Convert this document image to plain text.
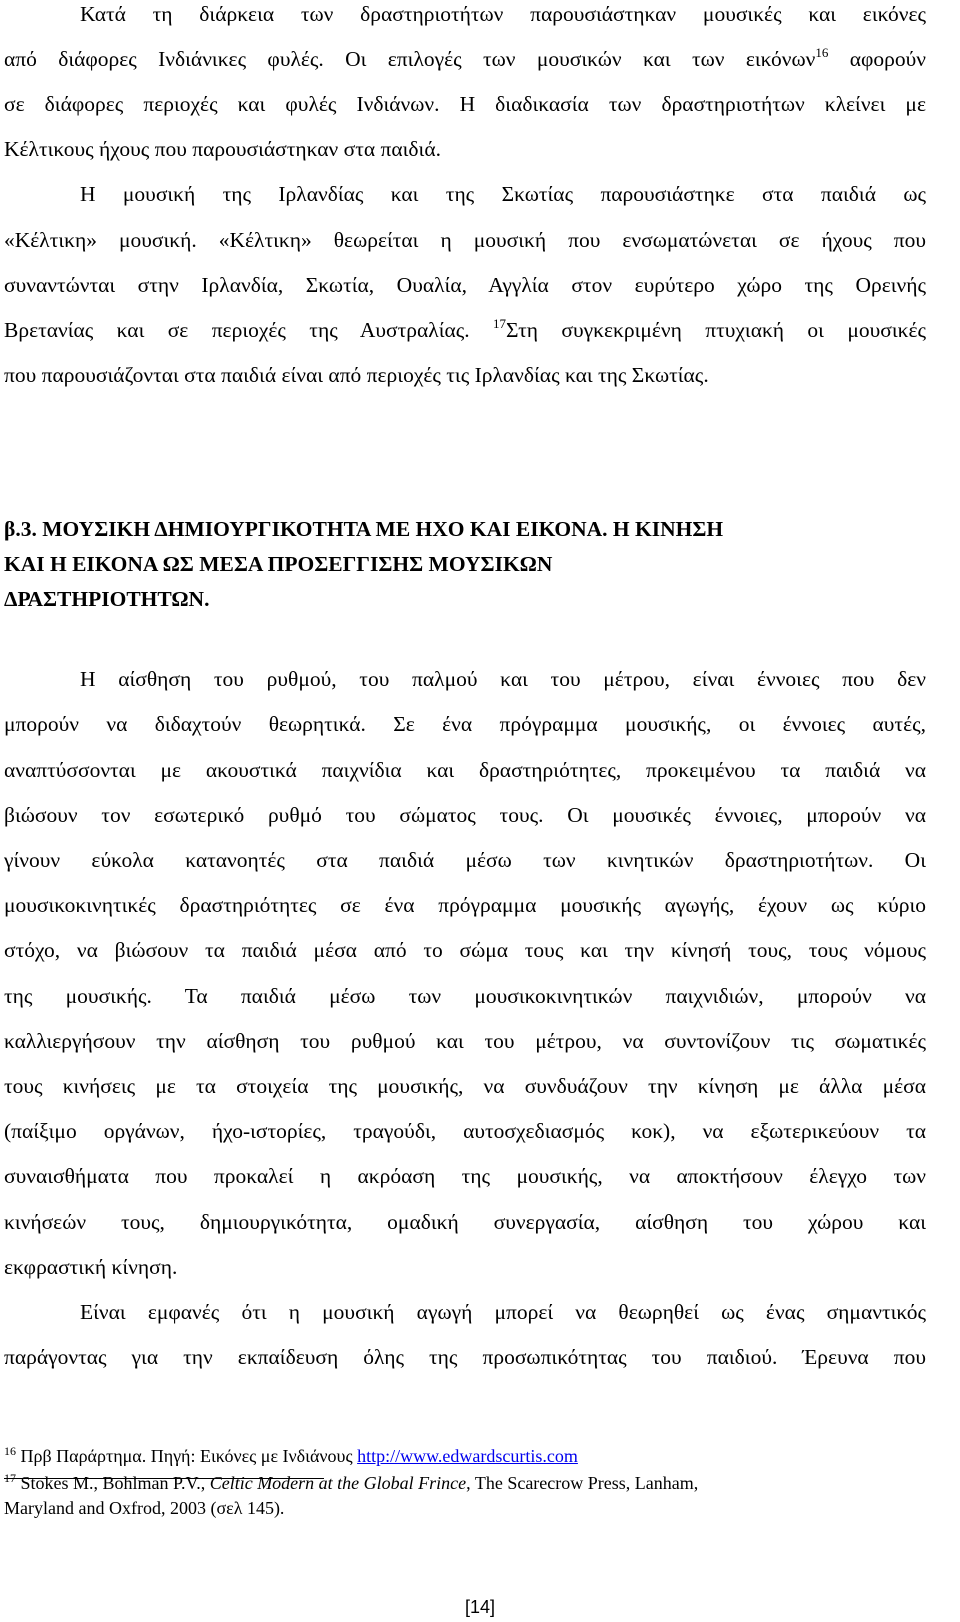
Κατά τη διάρκεια των δραστηριοτήτων παρουσιάστηκαν μουσικές και εικόνες
από διάφορες Ινδιάνικες φυλές. Οι επιλογές των μουσικών και των εικόνων$^{16}$ αφορούν
σε διάφορες περιοχές και φυλές Ινδιάνων. Η διαδικασία των δραστηριοτήτων κλείνει με
Κέλτικους ήχους που παρουσιάστηκαν στα παιδιά.
Η μουσική της Ιρλανδίας και της Σκωτίας παρουσιάστηκε στα παιδιά ως
«Κέλτικη» μουσική. «Κέλτικη» θεωρείται η μουσική που ενσωματώνεται σε ήχους που
συναντώνται στην Ιρλανδία, Σκωτία, Ουαλία, Αγγλία στον ευρύτερο χώρο της Ορεινής
Βρετανίας και σε περιοχές της Αυστραλίας. $^{17}$Στη συγκεκριμένη πτυχιακή οι μουσικές
που παρουσιάζονται στα παιδιά είναι από περιοχές τις Ιρλανδίας και της Σκωτίας.
β.3. ΜΟΥΣΙΚΗ ΔΗΜΙΟΥΡΓΙΚΟΤΗΤΑ ΜΕ ΗΧΟ ΚΑΙ ΕΙΚΟΝΑ. Η ΚΙΝΗΣΗ
ΚΑΙ Η ΕΙΚΟΝΑ ΩΣ ΜΕΣΑ ΠΡΟΣΕΓΓΙΣΗΣ ΜΟΥΣΙΚΩΝ
ΔΡΑΣΤΗΡΙΟΤΗΤΩΝ.
Η αίσθηση του ρυθμού, του παλμού και του μέτρου, είναι έννοιες που δεν
μπορούν να διδαχτούν θεωρητικά. Σε ένα πρόγραμμα μουσικής, οι έννοιες αυτές,
αναπτύσσονται με ακουστικά παιχνίδια και δραστηριότητες, προκειμένου τα παιδιά να
βιώσουν τον εσωτερικό ρυθμό του σώματος τους. Οι μουσικές έννοιες, μπορούν να
γίνουν εύκολα κατανοητές στα παιδιά μέσω των κινητικών δραστηριοτήτων. Οι
μουσικοκινητικές δραστηριότητες σε ένα πρόγραμμα μουσικής αγωγής, έχουν ως κύριο
στόχο, να βιώσουν τα παιδιά μέσα από το σώμα τους και την κίνησή τους, τους νόμους
της μουσικής. Τα παιδιά μέσω των μουσικοκινητικών παιχνιδιών, μπορούν να
καλλιεργήσουν την αίσθηση του ρυθμού και του μέτρου, να συντονίζουν τις σωματικές
τους κινήσεις με τα στοιχεία της μουσικής, να συνδυάζουν την κίνηση με άλλα μέσα
(παίξιμο οργάνων, ήχο-ιστορίες, τραγούδι, αυτοσχεδιασμός κοκ), να εξωτερικεύουν τα
συναισθήματα που προκαλεί η ακρόαση της μουσικής, να αποκτήσουν έλεγχο των
κινήσεών τους, δημιουργικότητα, ομαδική συνεργασία, αίσθηση του χώρου και
εκφραστική κίνηση.
Είναι εμφανές ότι η μουσική αγωγή μπορεί να θεωρηθεί ως ένας σημαντικός
παράγοντας για την εκπαίδευση όλης της προσωπικότητας του παιδιού. Έρευνα που
$^{16}$ Πρβ Παράρτημα. Πηγή: Εικόνες με Ινδιάνους http://www.edwardscurtis.com
$^{17}$ Stokes M., Bohlman P.V., Celtic Modern at the Global Frince, The Scarecrow Press, Lanham,
Maryland and Oxfrod, 2003 (σελ 145).
[14]
